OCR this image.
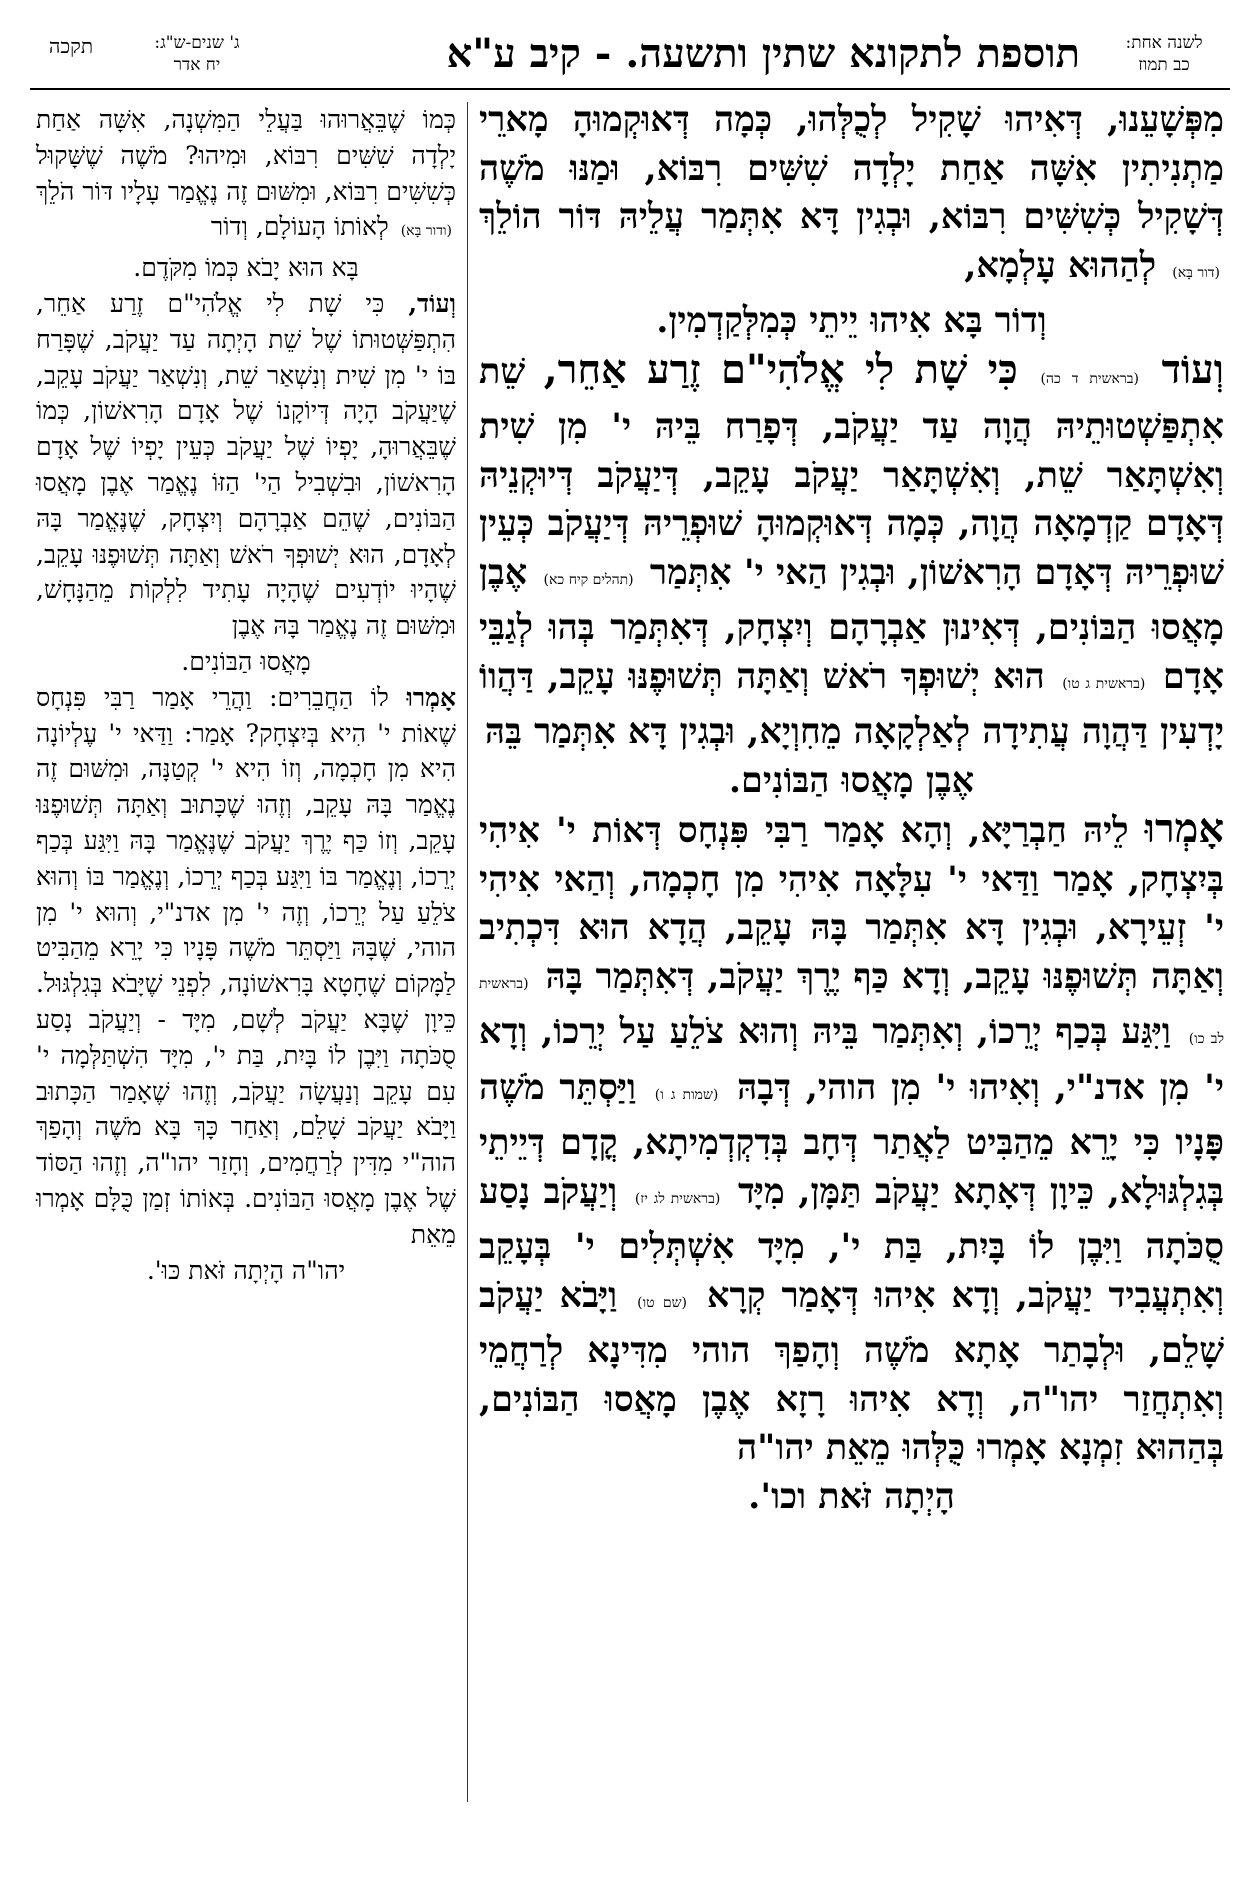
לשנה אחת:
כב תמוז
תוספת לתקונא שתין ותשעה. - קיב ע"א
ג' שנים-ש"ג:
יח אדר
תקכה

מִפְּשָׁעֵנוּ, דְּאִיהוּ שָׁקִיל לְכֻלְּהוּ, כְּמָה דְּאוּקְמוּהָ מָארֵי מַתְנִיתִין אִשָּׁה אַחַת יָלְדָה שִׁשִּׁים רִבּוֹא, וּמַנּוּ מֹשֶׁה דְּשָׁקִיל כְּשִׁשִּׁים רִבּוֹא, וּבְגִין דָּא אִתְּמַר עֲלֵיהּ דּוֹר הוֹלֵךְ (דור בָּא) לְהַהוּא עָלְמָא,

וְדוֹר בָּא אִיהוּ יֵיתֵי כְּמִלְּקַדְמִין.

וְעוֹד (בראשית ד כה) כִּי שָׁת לִי אֱלֹהִי"ם זֶרַע אַחֵר, שֵׁת אִתְפַּשְׁטוּתֵיהּ הֲוָה עַד יַעֲקֹב, דְּפָרַח בֵּיהּ י' מִן שִׁית וְאִשְׁתָּאַר שֵׁת, וְאִשְׁתָּאַר יַעֲקֹב עָקֵב, דְּיַעֲקֹב דְּיוּקְנֵיהּ דְּאָדָם קַדְמָאָה הֲוָה, כְּמָה דְּאוּקְמוּהָ שׁוּפְרֵיהּ דְּיַעֲקֹב כְּעֵין שׁוּפְרֵיהּ דְּאָדָם הָרִאשׁוֹן, וּבְגִין הַאי י' אִתְּמַר (תהלים קיח כא) אֶבֶן מָאֲסוּ הַבּוֹנִים, דְּאִינוּן אַבְרָהָם וְיִצְחָק, דְּאִתְּמַר בְּהוּ לְגַבֵּי אָדָם (בראשית ג טו) הוּא יְשׁוּפְךָ רֹאשׁ וְאַתָּה תְּשׁוּפֶנּוּ עָקֵב, דַּהֲווֹ יָדְעִין דַּהֲוָה עֲתִידָה לְאַלְקָאָה מֵחִוְיָא, וּבְגִין דָּא אִתְּמַר בֵּהּ

אֶבֶן מָאֲסוּ הַבּוֹנִים.

אָמְרוּ לֵיהּ חַבְרַיָּא, וְהָא אָמַר רַבִּי פִּנְחָס דְּאוֹת י' אִיהִי בְּיִצְחָק, אָמַר וַדַּאי י' עִלָּאָה אִיהִי מִן חָכְמָה, וְהַאי אִיהִי י' זְעֵירָא, וּבְגִין דָּא אִתְּמַר בָּהּ עָקֵב, הֲדָא הוּא דִּכְתִיב וְאַתָּה תְּשׁוּפֶנּוּ עָקֵב, וְדָא כַּף יֶרֶךְ יַעֲקֹב, דְּאִתְּמַר בָּהּ (בראשית לב כו) וַיִּגַּע בְּכַף יְרֵכוֹ, וְאִתְּמַר בֵּיהּ וְהוּא צֹלֵעַ עַל יְרֵכוֹ, וְדָא י' מִן אדנ"י, וְאִיהוּ י' מִן הוהי, דְּבָהּ (שמות ג ו) וַיַּסְתֵּר מֹשֶׁה פָּנָיו כִּי יָרֵא מֵהַבִּיט לַאֲתַר דְּחָב בְּדִקְדְמִיתָא, קֳדָם דְּיֵיתֵי בְּגִלְגּוּלָא, כֵּיוָן דְּאָתָא יַעֲקֹב תַּמָּן, מִיָּד (בראשית לג יז) וְיַעֲקֹב נָסַע סֻכֹּתָה וַיִּבֶן לוֹ בָּיִת, בַּת י', מִיָּד אִשְׁתְּלִים י' בְּעָקֵב וְאִתְעֲבִיד יַעֲקֹב, וְדָא אִיהוּ דְּאָמַר קְרָא (שם טו) וַיָּבֹא יַעֲקֹב שָׁלֵם, וּלְבָתַר אָתָא מֹשֶׁה וְהָפַךְ הוהי מִדִּינָא לְרַחֲמֵי וְאִתְחֲזַר יהו"ה, וְדָא אִיהוּ רָזָא אֶבֶן מָאֲסוּ הַבּוֹנִים, בְּהַהוּא זִמְנָא אָמְרוּ כֻּלְּהוּ מֵאֵת יהו"ה

הָיְתָה זֹּאת וכו'.

כְּמוֹ שֶׁבֵּאֲרוּהוּ בַּעֲלֵי הַמִּשְׁנָה, אִשָּׁה אַחַת יָלְדָה שִׁשִּׁים רִבּוֹא, וּמִיהוּ? מֹשֶׁה שֶׁשָּׁקוּל כְּשִׁשִּׁים רִבּוֹא, וּמִשּׁוּם זֶה נֶאֱמַר עָלָיו דּוֹר הֹלֵךְ (ודור בָּא) לְאוֹתוֹ הָעוֹלָם, וְדוֹר

בָּא הוּא יָבֹא כְּמוֹ מִקֹּדֶם.

וְעוֹד, כִּי שָׁת לִי אֱלֹהִי"ם זֶרַע אַחֵר, הִתְפַּשְּׁטוּתוֹ שֶׁל שֵׁת הָיְתָה עַד יַעֲקֹב, שֶׁפָּרַח בּוֹ י' מִן שִׁית וְנִשְׁאַר שֵׁת, וְנִשְׁאַר יַעֲקֹב עָקֵב, שֶׁיַּעֲקֹב הָיָה דְּיוֹקָנוֹ שֶׁל אָדָם הָרִאשׁוֹן, כְּמוֹ שֶׁבֵּאֲרוּהָ, יָפְיוֹ שֶׁל יַעֲקֹב כְּעֵין יָפְיוֹ שֶׁל אָדָם הָרִאשׁוֹן, וּבִשְׁבִיל הַי' הַזּוֹ נֶאֱמַר אֶבֶן מָאֲסוּ הַבּוֹנִים, שֶׁהֵם אַבְרָהָם וְיִצְחָק, שֶׁנֶּאֱמַר בָּהּ לְאָדָם, הוּא יְשׁוּפְךָ רֹאשׁ וְאַתָּה תְּשׁוּפֶנּוּ עָקֵב, שֶׁהָיוּ יוֹדְעִים שֶׁהָיָה עָתִיד לִלְקוֹת מֵהַנָּחָשׁ, וּמִשּׁוּם זֶה נֶאֱמַר בָּהּ אֶבֶן

מָאֲסוּ הַבּוֹנִים.

אָמְרוּ לוֹ הַחֲבֵרִים: וַהֲרֵי אָמַר רַבִּי פִּנְחָס שֶׁאוֹת י' הִיא בְּיִצְחָק? אָמַר: וַדַּאי י' עֶלְיוֹנָה הִיא מִן חָכְמָה, וְזוֹ הִיא י' קְטַנָּה, וּמִשּׁוּם זֶה נֶאֱמַר בָּהּ עָקֵב, וְזֶהוּ שֶׁכָּתוּב וְאַתָּה תְּשׁוּפֶנּוּ עָקֵב, וְזוֹ כַּף יֶרֶךְ יַעֲקֹב שֶׁנֶּאֱמַר בָּהּ וַיִּגַּע בְּכַף יְרֵכוֹ, וְנֶאֱמַר בּוֹ וַיִּגַּע בְּכַף יְרֵכוֹ, וְנֶאֱמַר בּוֹ וְהוּא צֹלֵעַ עַל יְרֵכוֹ, וְזֶה י' מִן אדנ"י, וְהוּא י' מִן הוהי, שֶׁבָּהּ וַיַּסְתֵּר מֹשֶׁה פָּנָיו כִּי יָרֵא מֵהַבִּיט לַמָּקוֹם שֶׁחָטָא בָּרִאשׁוֹנָה, לִפְנֵי שֶׁיָּבֹא בְּגִלְגּוּל. כֵּיוָן שֶׁבָּא יַעֲקֹב לְשָׁם, מִיָּד - וְיַעֲקֹב נָסַע סֻכֹּתָה וַיִּבֶן לוֹ בָּיִת, בַּת י', מִיָּד הִשְׁתַּלְּמָה י' עִם עָקֵב וְנַעֲשָׂה יַעֲקֹב, וְזֶהוּ שֶׁאָמַר הַכָּתוּב וַיָּבֹא יַעֲקֹב שָׁלֵם, וְאַחַר כָּךְ בָּא מֹשֶׁה וְהָפַךְ הוה"י מִדִּין לְרַחֲמִים, וְחָזַר יהו"ה, וְזֶהוּ הַסּוֹד שֶׁל אֶבֶן מָאֲסוּ הַבּוֹנִים. בְּאוֹתוֹ זְמַן כֻּלָּם אָמְרוּ מֵאֵת

יהו"ה הָיְתָה זֹּאת כּוּ'.
